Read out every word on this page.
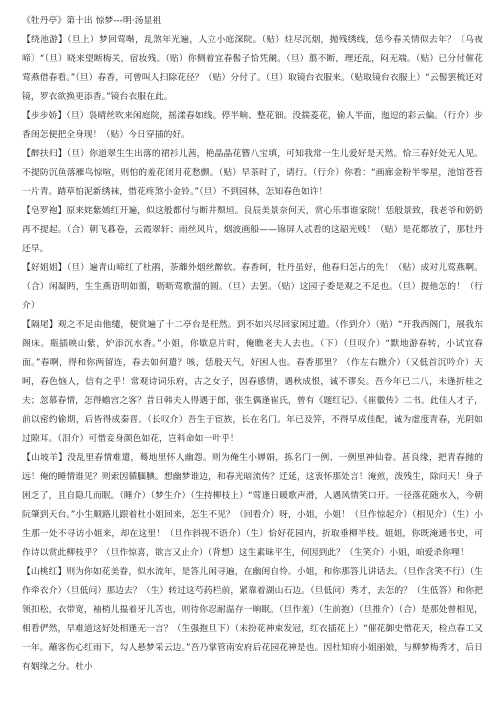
《牡丹亭》第十出 惊梦---明·汤显祖

【绕池游】（旦上）梦回莺啭，乱煞年光遍，人立小庭深院。（贴）炷尽沉烟，抛残绣线，恁今春关情似去年？〔乌夜啼〕“（旦）晓来望断梅关，宿妆残。（贴）你侧着宜春髻子恰凭阑。（旦）翦不断，理还乱，闷无端。（贴）已分付催花莺燕借春看。”（旦）春香，可曾叫人扫除花径？（贴）分付了。（旦）取镜台衣服来。（贴取镜台衣服上）“云髻罢梳还对镜，罗衣欲换更添香。”镜台衣服在此。

【步步娇】（旦）袅晴丝吹来闲庭院，摇漾春如线。停半晌、整花钿。没揣菱花，偷人半面，迤逗的彩云偏。（行介）步香闺怎便把全身现！（贴）今日穿插的好。

【醉扶归】（旦）你道翠生生出落的裙衫儿茜，艳晶晶花簪八宝填，可知我常一生儿爱好是天然。恰三春好处无人见。不提防沉鱼落雁鸟惊喧，则怕的羞花闭月花愁颤。（贴）早茶时了，请行。（行介）你看：“画廊金粉半零星，池馆苍苔一片青。踏草怕泥新绣袜，惜花疼煞小金铃。”（旦）不到园林，怎知春色如许！

【皂罗袍】原来姹紫嫣红开遍，似这般都付与断井颓垣。良辰美景奈何天，赏心乐事谁家院！恁般景致，我老爷和奶奶再不提起。（合）朝飞暮卷，云霞翠轩；雨丝风片，烟波画船——锦屏人忒看的这韶光贱！（贴）是花都放了，那牡丹还早。

【好姐姐】（旦）遍青山啼红了杜鹃，荼蘼外烟丝醉软。春香呵，牡丹虽好，他春归怎占的先！（贴）成对儿莺燕啊。（合）闲凝眄，生生燕语明如翦，呖呖莺歌溜的圆。（旦）去罢。（贴）这园子委是观之不足也。（旦）提他怎的！（行介）

【隔尾】观之不足由他缱，便赏遍了十二亭台是枉然。到不如兴尽回家闲过遣。（作到介）（贴）“开我西阁门，展我东阁床。瓶插映山紫，炉添沉水香。”小姐，你歇息片时，俺瞧老夫人去也。（下）（旦叹介）“默地游春转，小试宜春面。”春啊，得和你两留连，春去如何遣？咳，恁般天气，好困人也。春香那里？（作左右瞧介）（又低首沉吟介）天呵，春色恼人，信有之乎！常观诗词乐府，古之女子，因春感情，遇秋成恨，诚不谬矣。吾今年已二八，未逢折桂之夫；忽慕春情，怎得蟾宫之客？昔日韩夫人得遇于郎，张生偶逢崔氏，曾有《题红记》、《崔徽传》二书。此佳人才子，前以密约偷期，后皆得成秦晋。（长叹介）吾生于宦族，长在名门。年已及笄，不得早成佳配，诚为虚度青春，光阴如过隙耳。（泪介）可惜妾身颜色如花，岂料命如一叶乎！

【山坡羊】没乱里春情难遣，蓦地里怀人幽怨。则为俺生小婵娟，拣名门一例、一例里神仙眷。甚良缘，把青春抛的远！俺的睡情谁见？则索因循腼腆。想幽梦谁边，和春光暗流传？迁延，这衷怀那处言！淹煎，泼残生，除问天！身子困乏了，且自隐几而眠。（睡介）（梦生介）（生持柳枝上）“莺逢日暖歌声滑，人遇风情笑口开。一径落花随水入，今朝阮肇到天台。”小生顺路儿跟着杜小姐回来，怎生不见？（回看介）呀，小姐，小姐！（旦作惊起介）（相见介）（生）小生那一处不寻访小姐来，却在这里！（旦作斜视不语介）（生）恰好花园内，折取垂柳半枝。姐姐，你既淹通书史，可作诗以赏此柳枝乎？（旦作惊喜，欲言又止介）（背想）这生素昧平生，何因到此？（生笑介）小姐，咱爱杀你哩！

【山桃红】则为你如花美眷，似水流年，是答儿闲寻遍，在幽闺自怜。小姐，和你那答儿讲话去。（旦作含笑不行）（生作牵衣介）（旦低问）那边去？（生）转过这芍药栏前，紧靠着湖山石边。（旦低问）秀才，去怎的？（生低答）和你把领扣松，衣带宽，袖梢儿揾着牙儿苫也，则待你忍耐温存一晌眠。（旦作羞）（生前抱）（旦推介）（合）是那处曾相见，相看俨然，早难道这好处相逢无一言？（生强抱旦下）（末扮花神束发冠，红衣插花上）“催花御史惜花天，检点春工又一年。蘸客伤心红雨下，勾人悬梦采云边。”吾乃掌管南安府后花园花神是也。因杜知府小姐丽娘，与柳梦梅秀才，后日有姻缘之分。杜小
